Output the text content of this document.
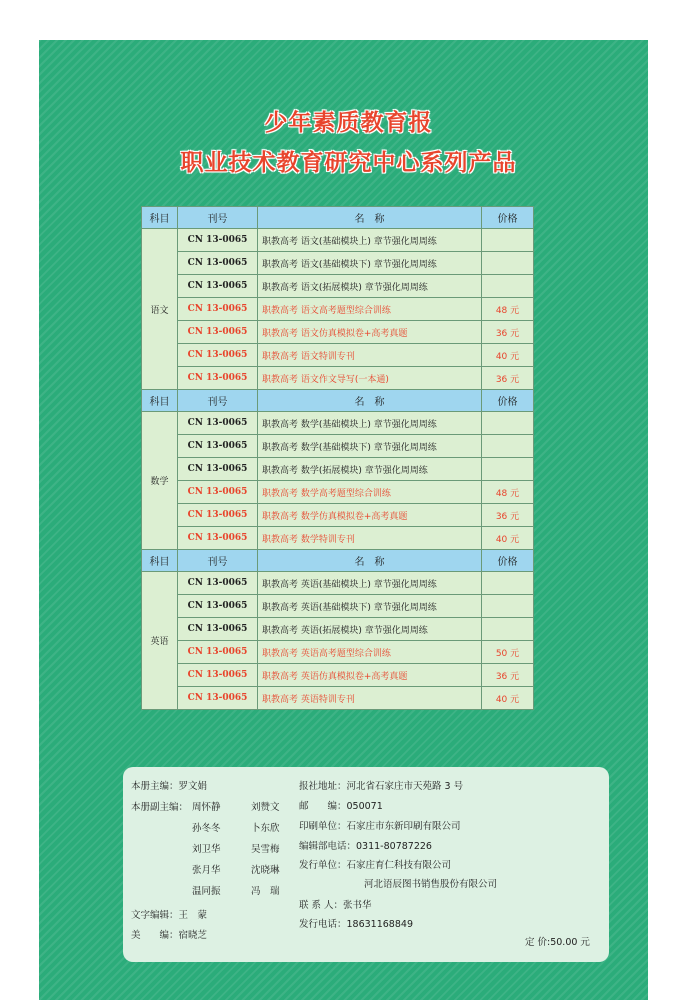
少年素质教育报
职业技术教育研究中心系列产品
科目	刊号	名　称	价格
语文	CN 13-0065	职教高考 语文(基础模块上) 章节强化周周练	
	CN 13-0065	职教高考 语文(基础模块下) 章节强化周周练	
	CN 13-0065	职教高考 语文(拓展模块) 章节强化周周练	
	CN 13-0065	职教高考 语文高考题型综合训练	48 元
	CN 13-0065	职教高考 语文仿真模拟卷+高考真题	36 元
	CN 13-0065	职教高考 语文特训专刊	40 元
	CN 13-0065	职教高考 语文作文导写(一本通)	36 元
科目	刊号	名　称	价格
数学	CN 13-0065	职教高考 数学(基础模块上) 章节强化周周练	
	CN 13-0065	职教高考 数学(基础模块下) 章节强化周周练	
	CN 13-0065	职教高考 数学(拓展模块) 章节强化周周练	
	CN 13-0065	职教高考 数学高考题型综合训练	48 元
	CN 13-0065	职教高考 数学仿真模拟卷+高考真题	36 元
	CN 13-0065	职教高考 数学特训专刊	40 元
科目	刊号	名　称	价格
英语	CN 13-0065	职教高考 英语(基础模块上) 章节强化周周练	
	CN 13-0065	职教高考 英语(基础模块下) 章节强化周周练	
	CN 13-0065	职教高考 英语(拓展模块) 章节强化周周练	
	CN 13-0065	职教高考 英语高考题型综合训练	50 元
	CN 13-0065	职教高考 英语仿真模拟卷+高考真题	36 元
	CN 13-0065	职教高考 英语特训专刊	40 元
本册主编：罗文娟
本册副主编： 周怀静	刘赞文
孙冬冬	卜东欣
刘卫华	吴雪梅
张月华	沈晓琳
温同振	冯　瑞
文字编辑：王　蒙
美　　编：宿晓芝
报社地址：河北省石家庄市天苑路 3 号
邮　　编：050071
印刷单位：石家庄市东新印刷有限公司
编辑部电话：0311-80787226
发行单位：石家庄育仁科技有限公司
河北语辰图书销售股份有限公司
联 系 人：张书华
发行电话：18631168849
定 价:50.00 元
